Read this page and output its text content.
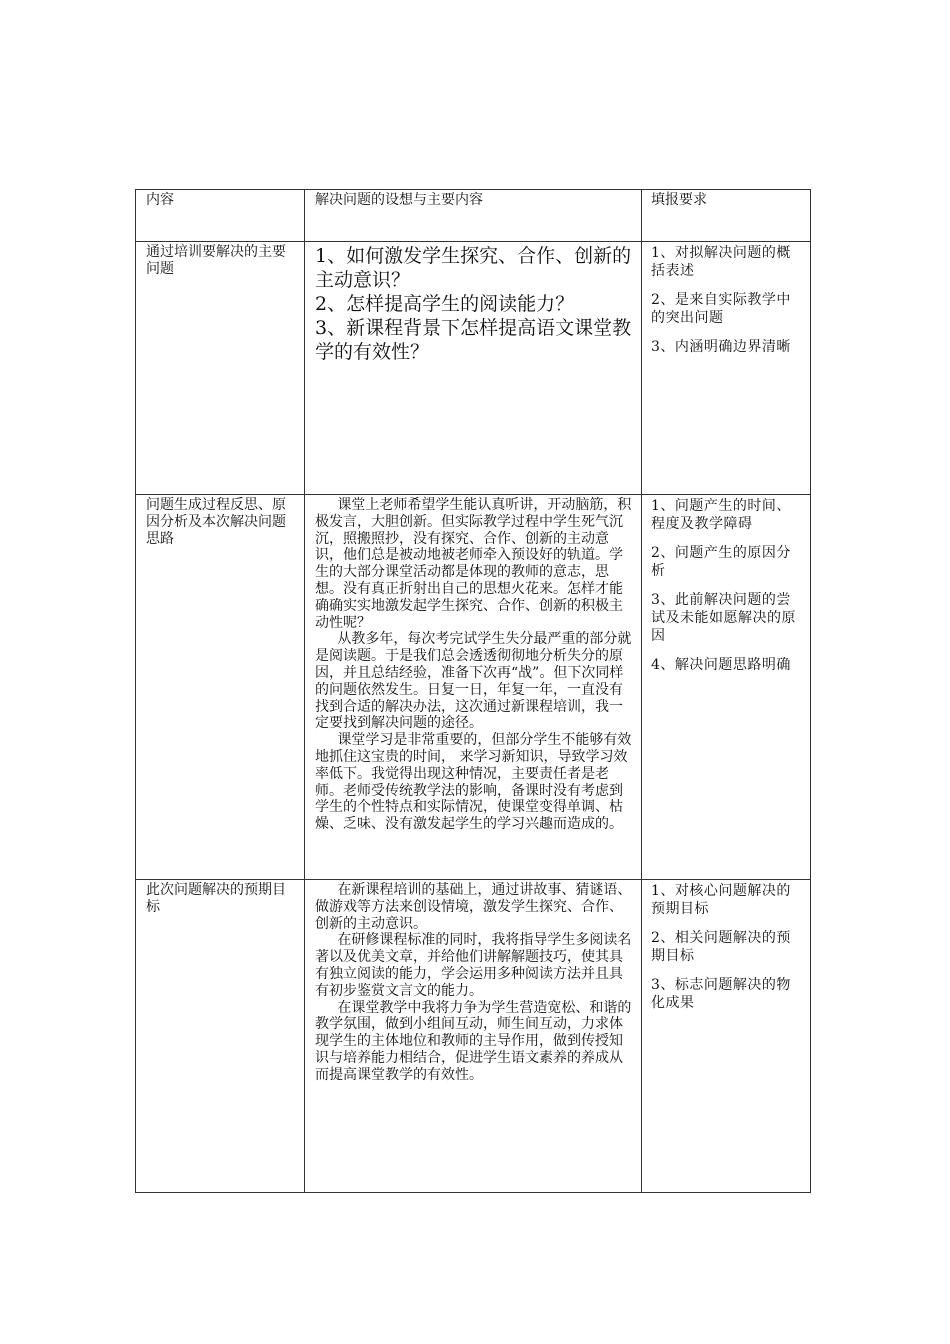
内容	解决问题的设想与主要内容	填报要求
通过培训要解决的主要问题

1、如何激发学生探究、合作、创新的主动意识？

2、怎样提高学生的阅读能力？

3、新课程背景下怎样提高语文课堂教学的有效性？

1、对拟解决问题的概括表述

2、是来自实际教学中的突出问题

3、内涵明确边界清晰

问题生成过程反思、原因分析及本次解决问题思路

课堂上老师希望学生能认真听讲，开动脑筋，积极发言，大胆创新。但实际教学过程中学生死气沉沉，照搬照抄，没有探究、合作、创新的主动意识，他们总是被动地被老师牵入预设好的轨道。学生的大部分课堂活动都是体现的教师的意志，思想。没有真正折射出自己的思想火花来。怎样才能确确实实地激发起学生探究、合作、创新的积极主动性呢？

从教多年，每次考完试学生失分最严重的部分就是阅读题。于是我们总会透透彻彻地分析失分的原因，并且总结经验，准备下次再“战”。但下次同样的问题依然发生。日复一日，年复一年，一直没有找到合适的解决办法，这次通过新课程培训，我一定要找到解决问题的途径。

课堂学习是非常重要的，但部分学生不能够有效地抓住这宝贵的时间， 来学习新知识，导致学习效率低下。我觉得出现这种情况，主要责任者是老师。老师受传统教学法的影响，备课时没有考虑到学生的个性特点和实际情况，使课堂变得单调、枯燥、乏味、没有激发起学生的学习兴趣而造成的。

1、问题产生的时间、程度及教学障碍

2、问题产生的原因分析

3、此前解决问题的尝试及未能如愿解决的原因

4、解决问题思路明确

此次问题解决的预期目标

在新课程培训的基础上，通过讲故事、猜谜语、做游戏等方法来创设情境，激发学生探究、合作、创新的主动意识。

在研修课程标准的同时，我将指导学生多阅读名著以及优美文章，并给他们讲解解题技巧，使其具有独立阅读的能力，学会运用多种阅读方法并且具有初步鉴赏文言文的能力。

在课堂教学中我将力争为学生营造宽松、和谐的教学氛围，做到小组间互动，师生间互动，力求体现学生的主体地位和教师的主导作用，做到传授知识与培养能力相结合，促进学生语文素养的养成从而提高课堂教学的有效性。

1、对核心问题解决的预期目标

2、相关问题解决的预期目标

3、标志问题解决的物化成果
